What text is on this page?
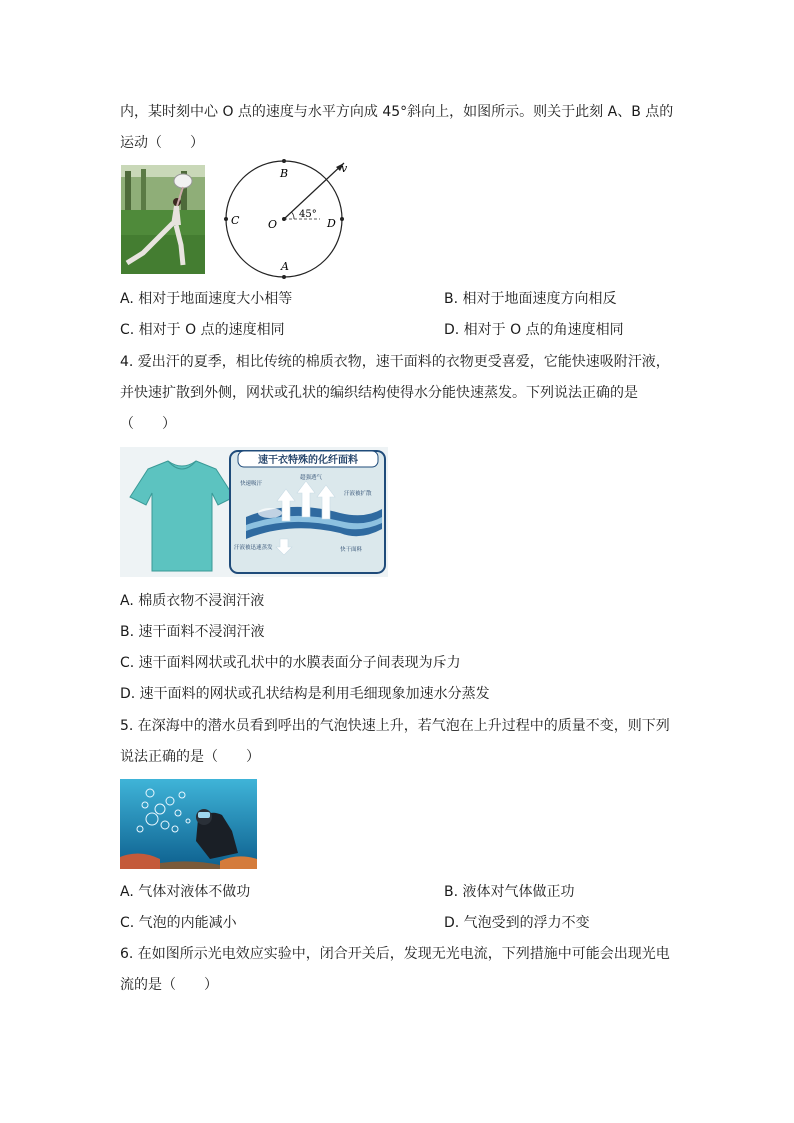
内，某时刻中心 O 点的速度与水平方向成 45°斜向上，如图所示。则关于此刻 A、B 点的
运动（　　）
B
C	O	D
A
v
45°
A. 相对于地面速度大小相等	B. 相对于地面速度方向相反
C. 相对于 O 点的速度相同	D. 相对于 O 点的角速度相同
4. 爱出汗的夏季，相比传统的棉质衣物，速干面料的衣物更受喜爱，它能快速吸附汗液，
并快速扩散到外侧，网状或孔状的编织结构使得水分能快速蒸发。下列说法正确的是
（　　）
速干衣特殊的化纤面料
快速吸汗
超强透气
汗液被扩散
汗液被迅速蒸发	快干面料
A. 棉质衣物不浸润汗液
B. 速干面料不浸润汗液
C. 速干面料网状或孔状中的水膜表面分子间表现为斥力
D. 速干面料的网状或孔状结构是利用毛细现象加速水分蒸发
5. 在深海中的潜水员看到呼出的气泡快速上升，若气泡在上升过程中的质量不变，则下列
说法正确的是（　　）
A. 气体对液体不做功	B. 液体对气体做正功
C. 气泡的内能减小	D. 气泡受到的浮力不变
6. 在如图所示光电效应实验中，闭合开关后，发现无光电流，下列措施中可能会出现光电
流的是（　　）
